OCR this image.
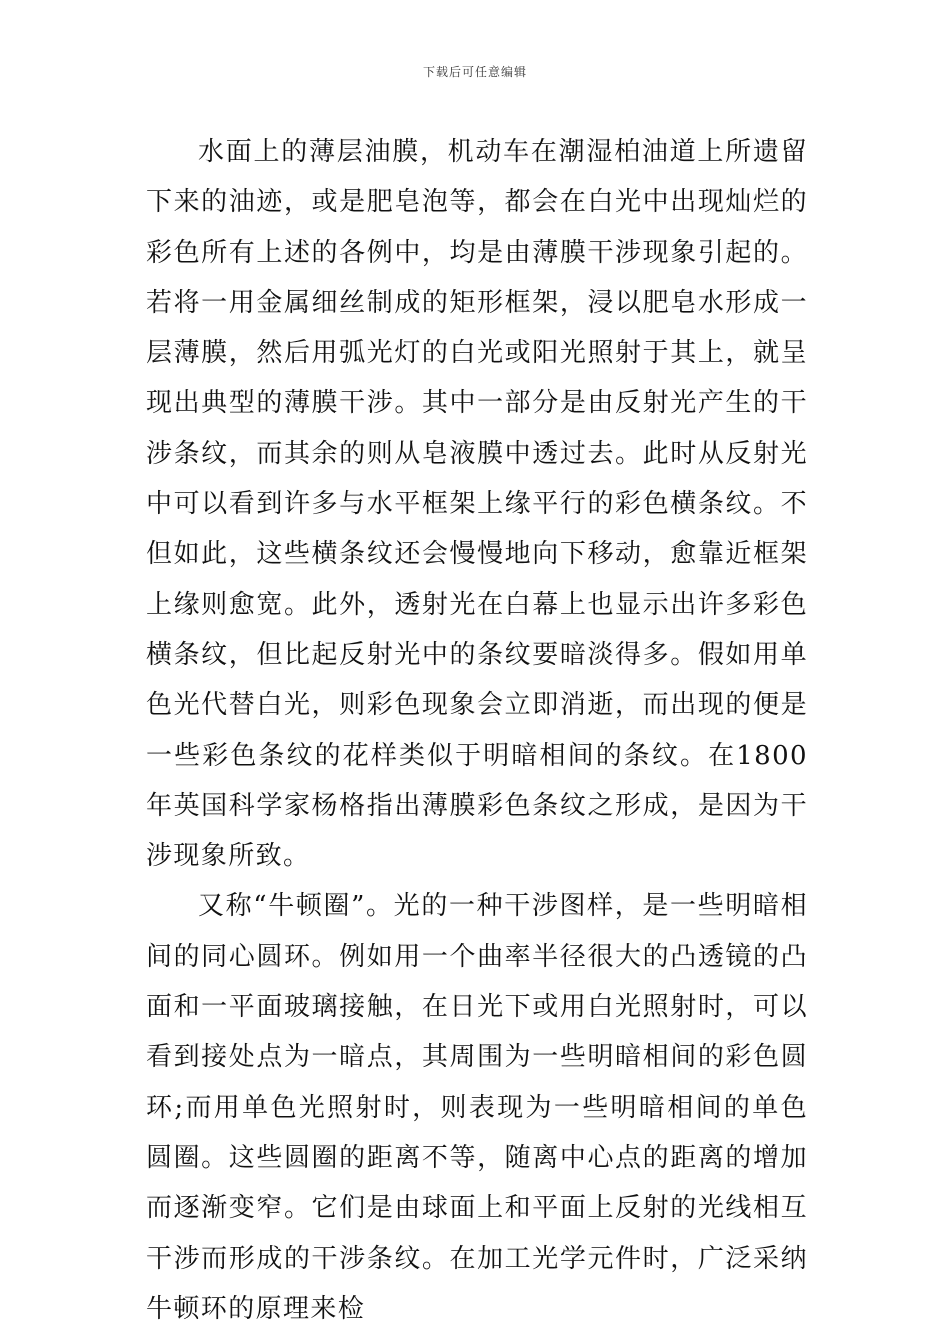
下载后可任意编辑

水面上的薄层油膜，机动车在潮湿柏油道上所遗留下来的油迹，或是肥皂泡等，都会在白光中出现灿烂的彩色所有上述的各例中，均是由薄膜干涉现象引起的。若将一用金属细丝制成的矩形框架，浸以肥皂水形成一层薄膜，然后用弧光灯的白光或阳光照射于其上，就呈现出典型的薄膜干涉。其中一部分是由反射光产生的干涉条纹，而其余的则从皂液膜中透过去。此时从反射光中可以看到许多与水平框架上缘平行的彩色横条纹。不但如此，这些横条纹还会慢慢地向下移动，愈靠近框架上缘则愈宽。此外，透射光在白幕上也显示出许多彩色横条纹，但比起反射光中的条纹要暗淡得多。假如用单色光代替白光，则彩色现象会立即消逝，而出现的便是一些彩色条纹的花样类似于明暗相间的条纹。在1800年英国科学家杨格指出薄膜彩色条纹之形成，是因为干涉现象所致。

又称“牛顿圈”。光的一种干涉图样，是一些明暗相间的同心圆环。例如用一个曲率半径很大的凸透镜的凸面和一平面玻璃接触，在日光下或用白光照射时，可以看到接处点为一暗点，其周围为一些明暗相间的彩色圆环;而用单色光照射时，则表现为一些明暗相间的单色圆圈。这些圆圈的距离不等，随离中心点的距离的增加而逐渐变窄。它们是由球面上和平面上反射的光线相互干涉而形成的干涉条纹。在加工光学元件时，广泛采纳牛顿环的原理来检
